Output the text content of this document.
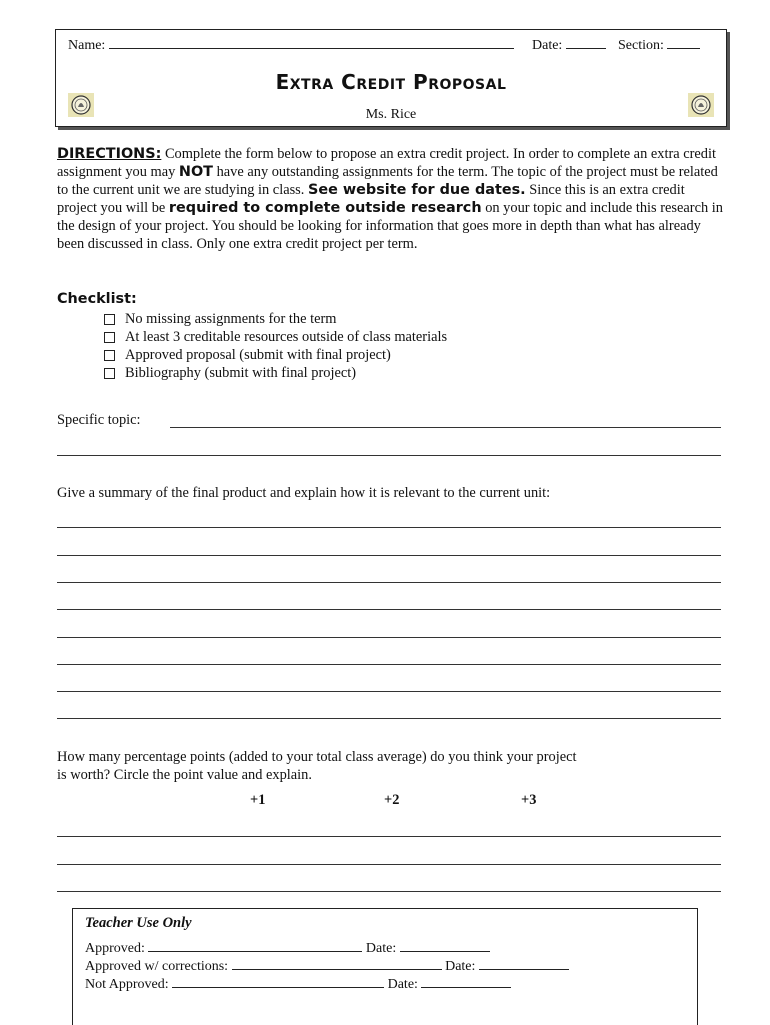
Name:	Date:	Section:
Extra Credit Proposal
Ms. Rice
DIRECTIONS: Complete the form below to propose an extra credit project. In order to complete an extra credit assignment you may NOT have any outstanding assignments for the term. The topic of the project must be related to the current unit we are studying in class. See website for due dates. Since this is an extra credit project you will be required to complete outside research on your topic and include this research in the design of your project. You should be looking for information that goes more in depth than what has already been discussed in class. Only one extra credit project per term.
Checklist:
No missing assignments for the term
At least 3 creditable resources outside of class materials
Approved proposal (submit with final project)
Bibliography (submit with final project)
Specific topic:
Give a summary of the final product and explain how it is relevant to the current unit:
How many percentage points (added to your total class average) do you think your project
is worth? Circle the point value and explain.
+1	+2	+3
Teacher Use Only
Approved:	Date:
Approved w/ corrections:	Date:
Not Approved:	Date:
